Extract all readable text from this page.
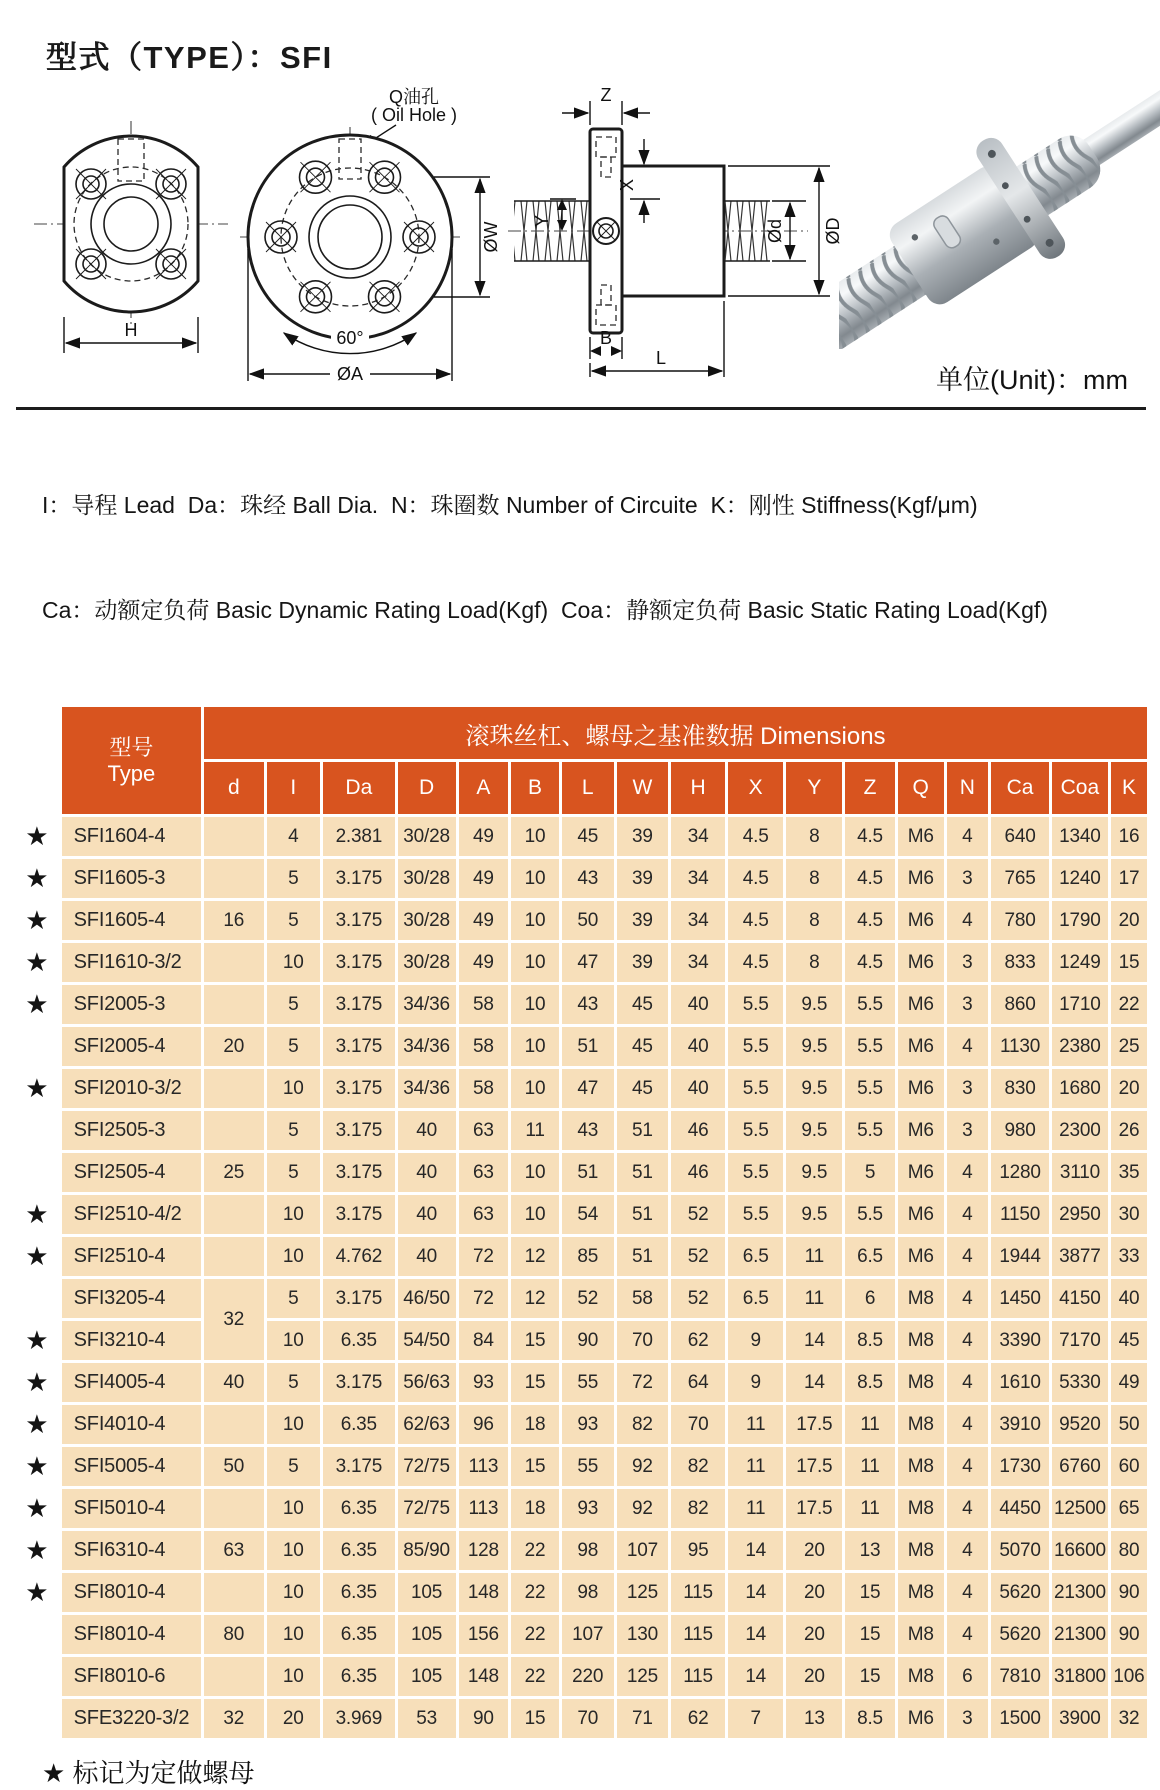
型式（TYPE）：SFI
H
Q油孔
( Oil Hole )
ØW
60°
ØA
Z
Y
X
Ød ØD
B
L
单位(Unit)：mm

I：导程 Lead  Da：珠经 Ball Dia.  N：珠圈数 Number of Circuite  K：刚性 Stiffness(Kgf/μm)

Ca：动额定负荷 Basic Dynamic Rating Load(Kgf)  Coa：静额定负荷 Basic Static Rating Load(Kgf)

	型号
Type	滚珠丝杠、螺母之基准数据 Dimensions																
		d	I	Da	D	A	B	L	W	H	X	Y	Z	Q	N	Ca	Coa	K
★	SFI1604-4		4	2.381	30/28	49	10	45	39	34	4.5	8	4.5	M6	4	640	1340	16
★	SFI1605-3		5	3.175	30/28	49	10	43	39	34	4.5	8	4.5	M6	3	765	1240	17
★	SFI1605-4	16	5	3.175	30/28	49	10	50	39	34	4.5	8	4.5	M6	4	780	1790	20
★	SFI1610-3/2		10	3.175	30/28	49	10	47	39	34	4.5	8	4.5	M6	3	833	1249	15
★	SFI2005-3		5	3.175	34/36	58	10	43	45	40	5.5	9.5	5.5	M6	3	860	1710	22
	SFI2005-4	20	5	3.175	34/36	58	10	51	45	40	5.5	9.5	5.5	M6	4	1130	2380	25
★	SFI2010-3/2		10	3.175	34/36	58	10	47	45	40	5.5	9.5	5.5	M6	3	830	1680	20
	SFI2505-3		5	3.175	40	63	11	43	51	46	5.5	9.5	5.5	M6	3	980	2300	26
	SFI2505-4	25	5	3.175	40	63	10	51	51	46	5.5	9.5	5	M6	4	1280	3110	35
★	SFI2510-4/2		10	3.175	40	63	10	54	51	52	5.5	9.5	5.5	M6	4	1150	2950	30
★	SFI2510-4		10	4.762	40	72	12	85	51	52	6.5	11	6.5	M6	4	1944	3877	33
	SFI3205-4	32	5	3.175	46/50	72	12	52	58	52	6.5	11	6	M8	4	1450	4150	40
★	SFI3210-4		10	6.35	54/50	84	15	90	70	62	9	14	8.5	M8	4	3390	7170	45
★	SFI4005-4	40	5	3.175	56/63	93	15	55	72	64	9	14	8.5	M8	4	1610	5330	49
★	SFI4010-4		10	6.35	62/63	96	18	93	82	70	11	17.5	11	M8	4	3910	9520	50
★	SFI5005-4	50	5	3.175	72/75	113	15	55	92	82	11	17.5	11	M8	4	1730	6760	60
★	SFI5010-4		10	6.35	72/75	113	18	93	92	82	11	17.5	11	M8	4	4450	12500	65
★	SFI6310-4	63	10	6.35	85/90	128	22	98	107	95	14	20	13	M8	4	5070	16600	80
★	SFI8010-4		10	6.35	105	148	22	98	125	115	14	20	15	M8	4	5620	21300	90
	SFI8010-4	80	10	6.35	105	156	22	107	130	115	14	20	15	M8	4	5620	21300	90
	SFI8010-6		10	6.35	105	148	22	220	125	115	14	20	15	M8	6	7810	31800	106
	SFE3220-3/2	32	20	3.969	53	90	15	70	71	62	7	13	8.5	M6	3	1500	3900	32
★ 标记为定做螺母
